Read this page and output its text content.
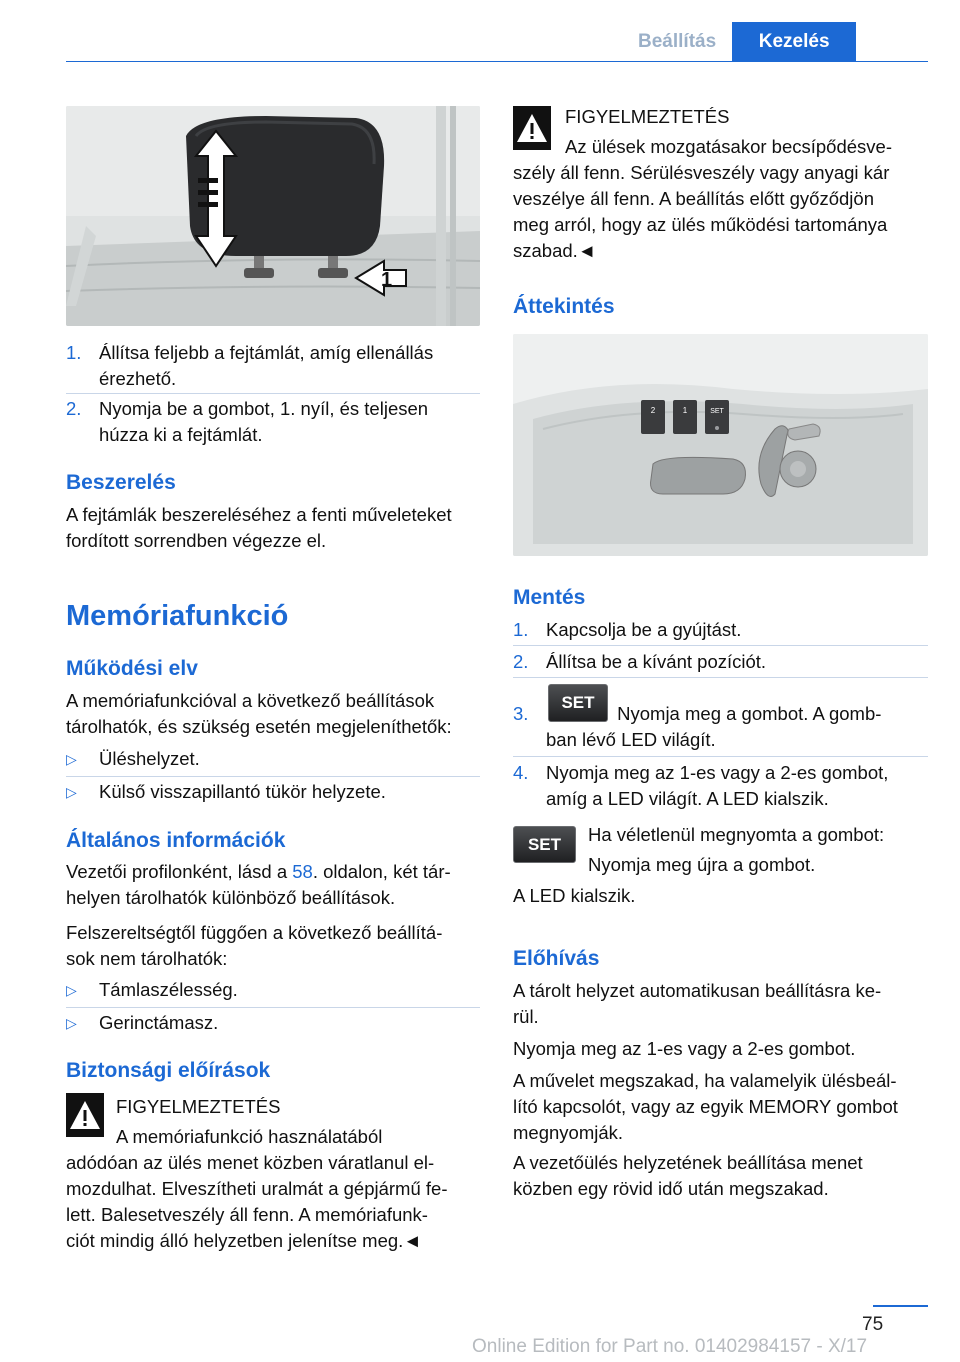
Beállítás	Kezelés
1
1. Állítsa feljebb a fejtámlát, amíg ellenállás
érezhető.
2. Nyomja be a gombot, 1. nyíl, és teljesen
húzza ki a fejtámlát.
Beszerelés
A fejtámlák beszereléséhez a fenti műveleteket
fordított sorrendben végezze el.
Memóriafunkció
Működési elv
A memóriafunkcióval a következő beállítások
tárolhatók, és szükség esetén megjeleníthetők:
▷ Üléshelyzet.
▷ Külső visszapillantó tükör helyzete.
Általános információk
Vezetői profilonként, lásd a 58. oldalon, két tár-
helyen tárolhatók különböző beállítások.
Felszereltségtől függően a következő beállítá-
sok nem tárolhatók:
▷ Támlaszélesség.
▷ Gerinctámasz.
Biztonsági előírások
FIGYELMEZTETÉS
A memóriafunkció használatából
adódóan az ülés menet közben váratlanul el-
mozdulhat. Elveszítheti uralmát a gépjármű fe-
lett. Balesetveszély áll fenn. A memóriafunk-
ciót mindig álló helyzetben jelenítse meg.◄
FIGYELMEZTETÉS
Az ülések mozgatásakor becsípődésve-
szély áll fenn. Sérülésveszély vagy anyagi kár
veszélye áll fenn. A beállítás előtt győződjön
meg arról, hogy az ülés működési tartománya
szabad.◄
Áttekintés
2	1	SET
Mentés
1. Kapcsolja be a gyújtást.
2. Állítsa be a kívánt pozíciót.
3.
SET
Nyomja meg a gombot. A gomb-
ban lévő LED világít.
4. Nyomja meg az 1-es vagy a 2-es gombot,
amíg a LED világít. A LED kialszik.
SET	Ha véletlenül megnyomta a gombot:
Nyomja meg újra a gombot.
A LED kialszik.
Előhívás
A tárolt helyzet automatikusan beállításra ke-
rül.
Nyomja meg az 1-es vagy a 2-es gombot.
A művelet megszakad, ha valamelyik ülésbeál-
lító kapcsolót, vagy az egyik MEMORY gombot
megnyomják.
A vezetőülés helyzetének beállítása menet
közben egy rövid idő után megszakad.
75
Online Edition for Part no. 01402984157 - X/17
